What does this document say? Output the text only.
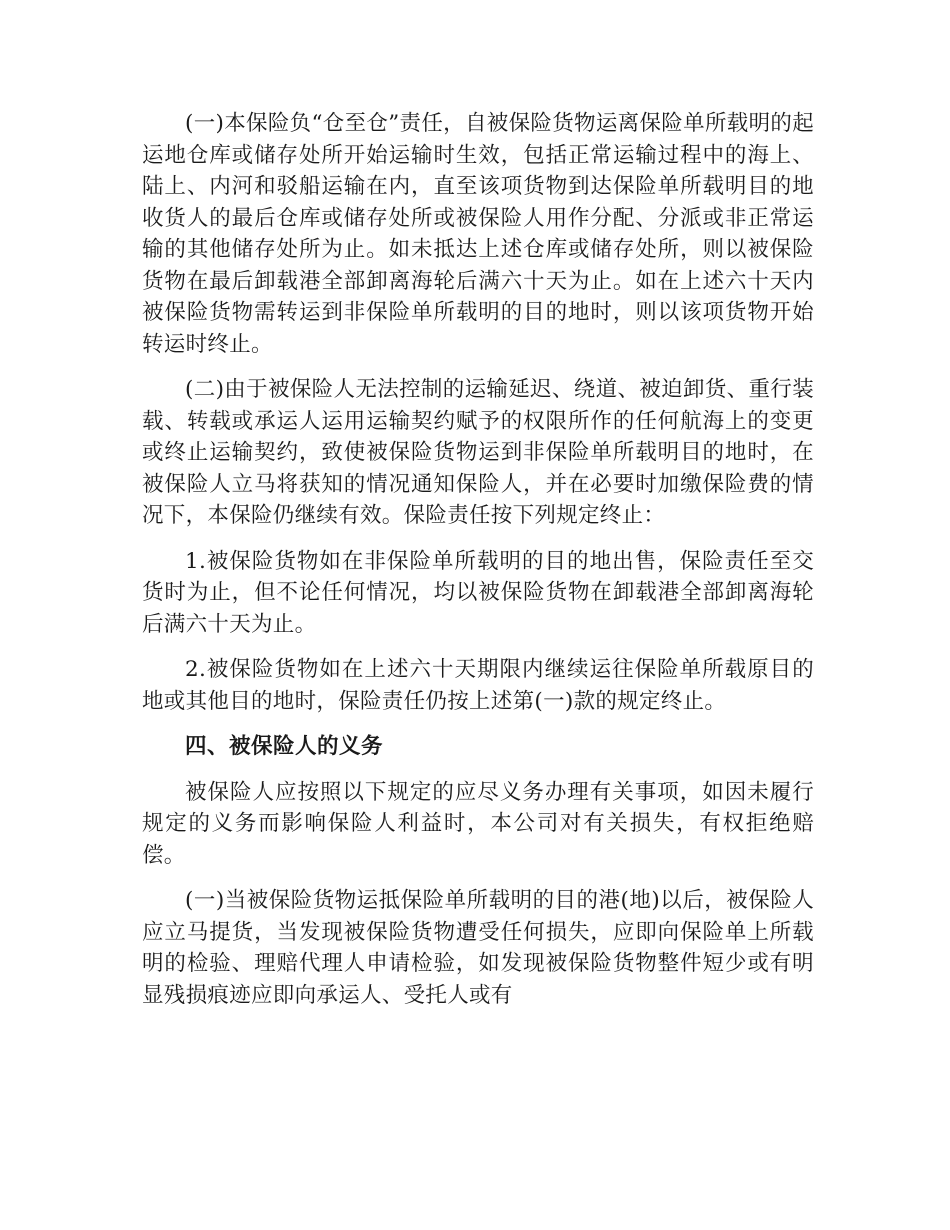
(一)本保险负“仓至仓”责任，自被保险货物运离保险单所载明的起运地仓库或储存处所开始运输时生效，包括正常运输过程中的海上、陆上、内河和驳船运输在内，直至该项货物到达保险单所载明目的地收货人的最后仓库或储存处所或被保险人用作分配、分派或非正常运输的其他储存处所为止。如未抵达上述仓库或储存处所，则以被保险货物在最后卸载港全部卸离海轮后满六十天为止。如在上述六十天内被保险货物需转运到非保险单所载明的目的地时，则以该项货物开始转运时终止。

(二)由于被保险人无法控制的运输延迟、绕道、被迫卸货、重行装载、转载或承运人运用运输契约赋予的权限所作的任何航海上的变更或终止运输契约，致使被保险货物运到非保险单所载明目的地时，在被保险人立马将获知的情况通知保险人，并在必要时加缴保险费的情况下，本保险仍继续有效。保险责任按下列规定终止：

1.被保险货物如在非保险单所载明的目的地出售，保险责任至交货时为止，但不论任何情况，均以被保险货物在卸载港全部卸离海轮后满六十天为止。

2.被保险货物如在上述六十天期限内继续运往保险单所载原目的地或其他目的地时，保险责任仍按上述第(一)款的规定终止。

四、被保险人的义务

被保险人应按照以下规定的应尽义务办理有关事项，如因未履行规定的义务而影响保险人利益时，本公司对有关损失，有权拒绝赔偿。

(一)当被保险货物运抵保险单所载明的目的港(地)以后，被保险人应立马提货，当发现被保险货物遭受任何损失，应即向保险单上所载明的检验、理赔代理人申请检验，如发现被保险货物整件短少或有明显残损痕迹应即向承运人、受托人或有
